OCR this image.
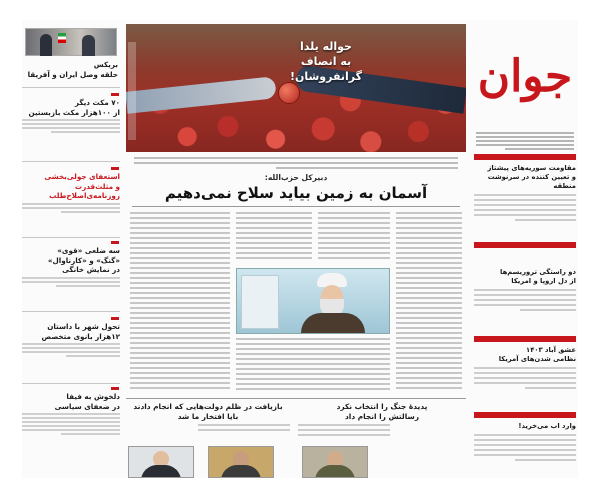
بریکس
حلقه وصل ایران و آفریقا
۷۰ مکث دیگر
از ۱۰۰هزار مکث بازبستین
استعفای جولی‌بخشی
و مثلث‌قدرت
روزنامه‌ی‌اصلاح‌طلب
سه ضلعی «قوی»
«گنگ» و «کارناوال»
در نمایش خانگی
تحول شهر با داستان
۱۲هزار بانوی متخصص
دلخوش به فیفا
در ضعفای سیاسی
حواله یلدا
به انصاف گرانفروشان!
دبیرکل حزب‌الله:
آسمان به زمین بیاید سلاح نمی‌دهیم
بازیافت در ظلم دولت‌هایی که انجام دادند
بایا افتخار ما شد
پدیدۀ جنگ را انتخاب نکرد
رسالتش را انجام داد
جوان
مقاومت سوریه‌های پیشتاز
و تعیین‌ کننده در سرنوشت منطقه
دو راستگی تروریسم‌ها
از دل اروپا و امریکا
عشق آباد ۱۴۰۳
نظامی شدن‌های آمریکا
وارد اب می‌خرید!
